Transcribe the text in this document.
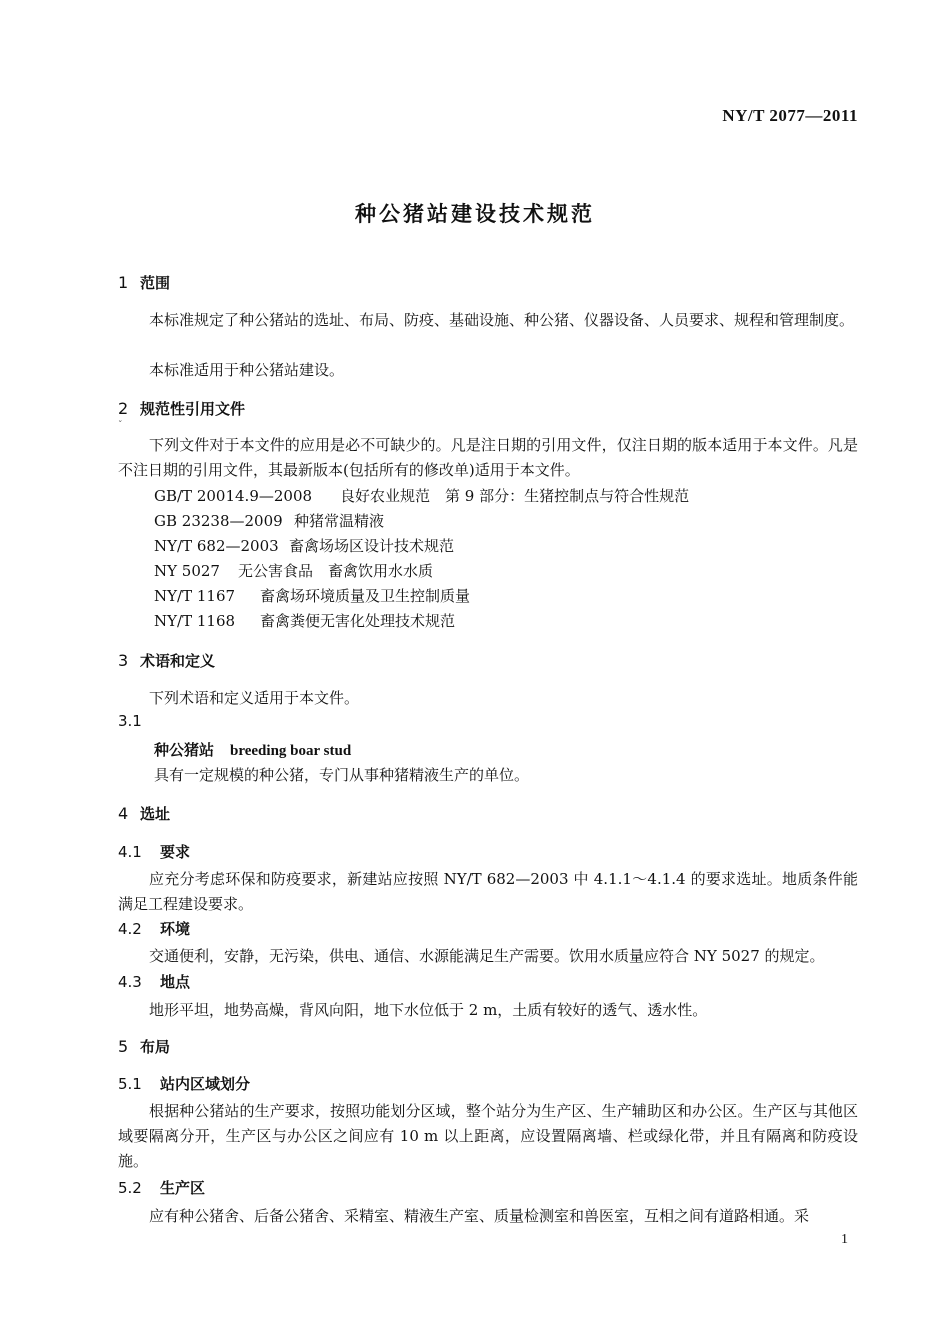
NY/T 2077—2011
种公猪站建设技术规范
1 范围
本标准规定了种公猪站的选址、布局、防疫、基础设施、种公猪、仪器设备、人员要求、规程和管理制度。
本标准适用于种公猪站建设。
2 规范性引用文件
ˇ
下列文件对于本文件的应用是必不可缺少的。凡是注日期的引用文件，仅注日期的版本适用于本文件。凡是不注日期的引用文件，其最新版本(包括所有的修改单)适用于本文件。
GB/T 20014.9—2008 良好农业规范　第 9 部分：生猪控制点与符合性规范
GB 23238—2009 种猪常温精液
NY/T 682—2003 畜禽场场区设计技术规范
NY 5027 无公害食品　畜禽饮用水水质
NY/T 1167 畜禽场环境质量及卫生控制质量
NY/T 1168 畜禽粪便无害化处理技术规范
3 术语和定义
下列术语和定义适用于本文件。
3.1
种公猪站 breeding boar stud
具有一定规模的种公猪，专门从事种猪精液生产的单位。
4 选址
4.1 要求
应充分考虑环保和防疫要求，新建站应按照 NY/T 682—2003 中 4.1.1～4.1.4 的要求选址。地质条件能满足工程建设要求。
4.2 环境
交通便利，安静，无污染，供电、通信、水源能满足生产需要。饮用水质量应符合 NY 5027 的规定。
4.3 地点
地形平坦，地势高燥，背风向阳，地下水位低于 2 m，土质有较好的透气、透水性。
5 布局
5.1 站内区域划分
根据种公猪站的生产要求，按照功能划分区域，整个站分为生产区、生产辅助区和办公区。生产区与其他区域要隔离分开，生产区与办公区之间应有 10 m 以上距离，应设置隔离墙、栏或绿化带，并且有隔离和防疫设施。
5.2 生产区
应有种公猪舍、后备公猪舍、采精室、精液生产室、质量检测室和兽医室，互相之间有道路相通。采
1
